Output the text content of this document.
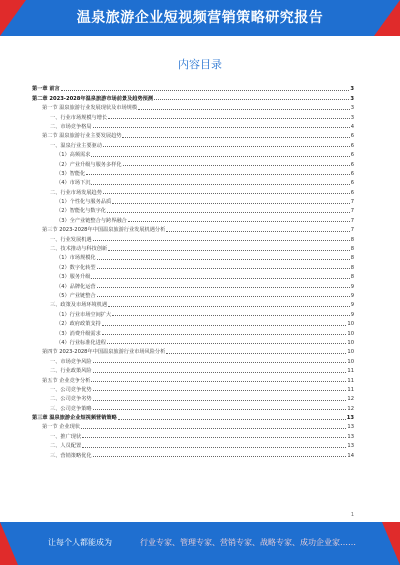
温泉旅游企业短视频营销策略研究报告
内容目录
第一章 前言	3
第二章 2023-2028年温泉旅游市场前景及趋势预测	3
第一节 温泉旅游行业发展现状及市场规模	3
一、行业市场规模与增长	3
二、市场竞争格局	4
第二节 温泉旅游行业主要发展趋势	6
一、温泉行业主要驱动	6
（1）高频需求	6
（2）产业升级与服务多样化	6
（3）智能化	6
（4）市场下沉	6
二、行业市场发展趋势	6
（1）个性化与服务品质	7
（2）智能化与数字化	7
（3）全产业链整合与跨界融合	7
第三节 2023-2028年中国温泉旅游行业发展机遇分析	7
一、行业发展机遇	8
二、技术推动与科技创新	8
（1）市场规模化	8
（2）数字化转型	8
（3）服务升级	8
（4）品牌化运营	9
（5）产业链整合	9
三、政策及市场环境机遇	9
（1）行业市场空间扩大	9
（2）政府政策支持	10
（3）消费升级需求	10
（4）行业标准化进程	10
第四节 2023-2028年中国温泉旅游行业市场风险分析	10
一、市场竞争风险	10
二、行业政策风险	11
第五节 企业竞争分析	11
一、公司竞争优势	11
二、公司竞争劣势	12
三、公司竞争策略	12
第三章 温泉旅游企业短视频营销策略	13
第一节 企业现状	13
一、推广现状	13
二、人员配置	13
三、营销策略优化	14
1
让每个人都能成为	行业专家、管理专家、营销专家、战略专家、成功企业家……
